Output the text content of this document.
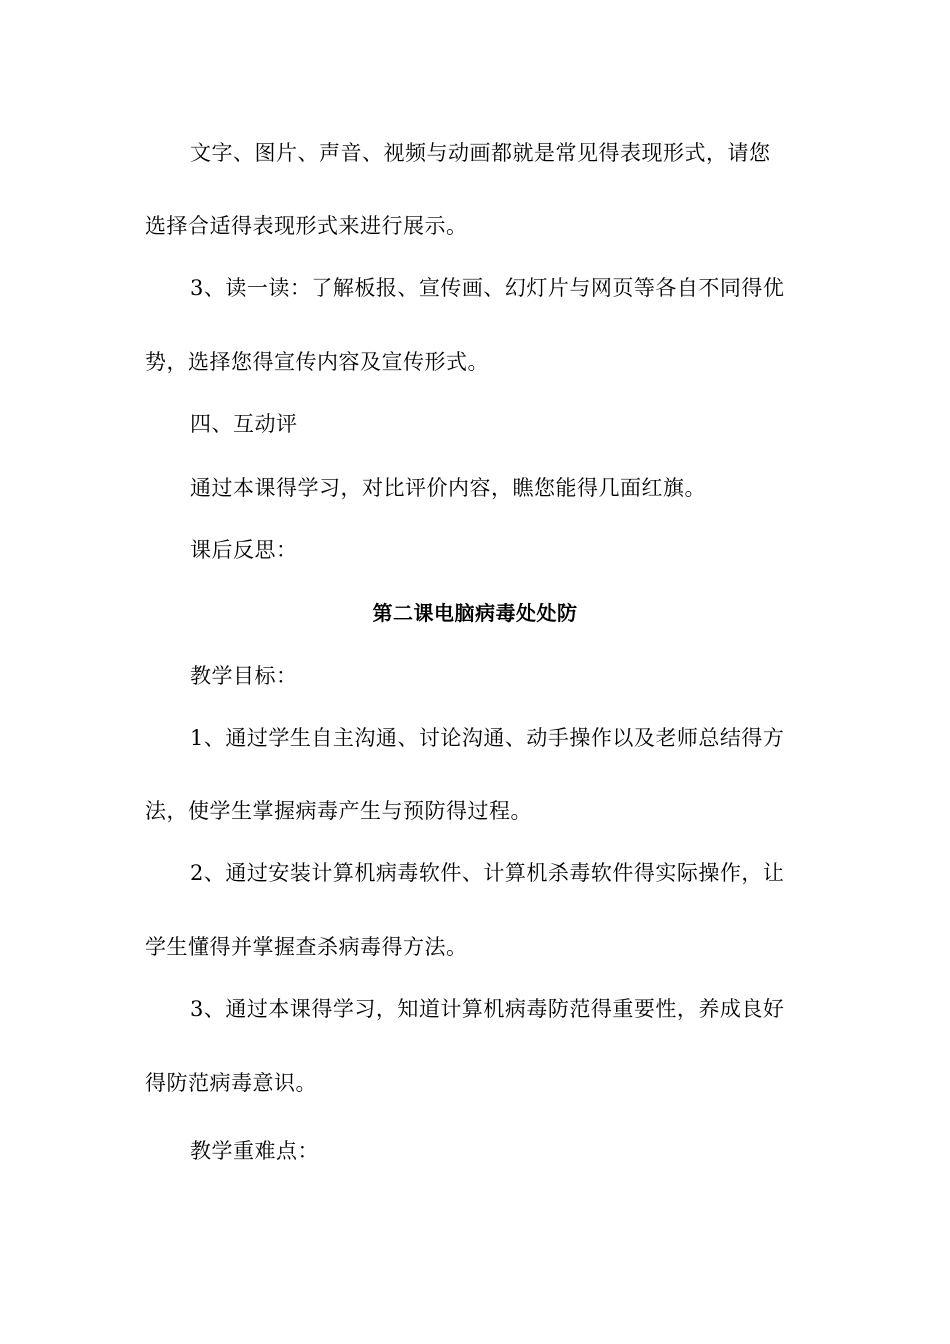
文字、图片、声音、视频与动画都就是常见得表现形式，请您
选择合适得表现形式来进行展示。
3、读一读：了解板报、宣传画、幻灯片与网页等各自不同得优
势，选择您得宣传内容及宣传形式。
四、互动评
通过本课得学习，对比评价内容，瞧您能得几面红旗。
课后反思：
第二课电脑病毒处处防
教学目标：
1、通过学生自主沟通、讨论沟通、动手操作以及老师总结得方
法，使学生掌握病毒产生与预防得过程。
2、通过安装计算机病毒软件、计算机杀毒软件得实际操作，让
学生懂得并掌握查杀病毒得方法。
3、通过本课得学习，知道计算机病毒防范得重要性，养成良好
得防范病毒意识。
教学重难点：
